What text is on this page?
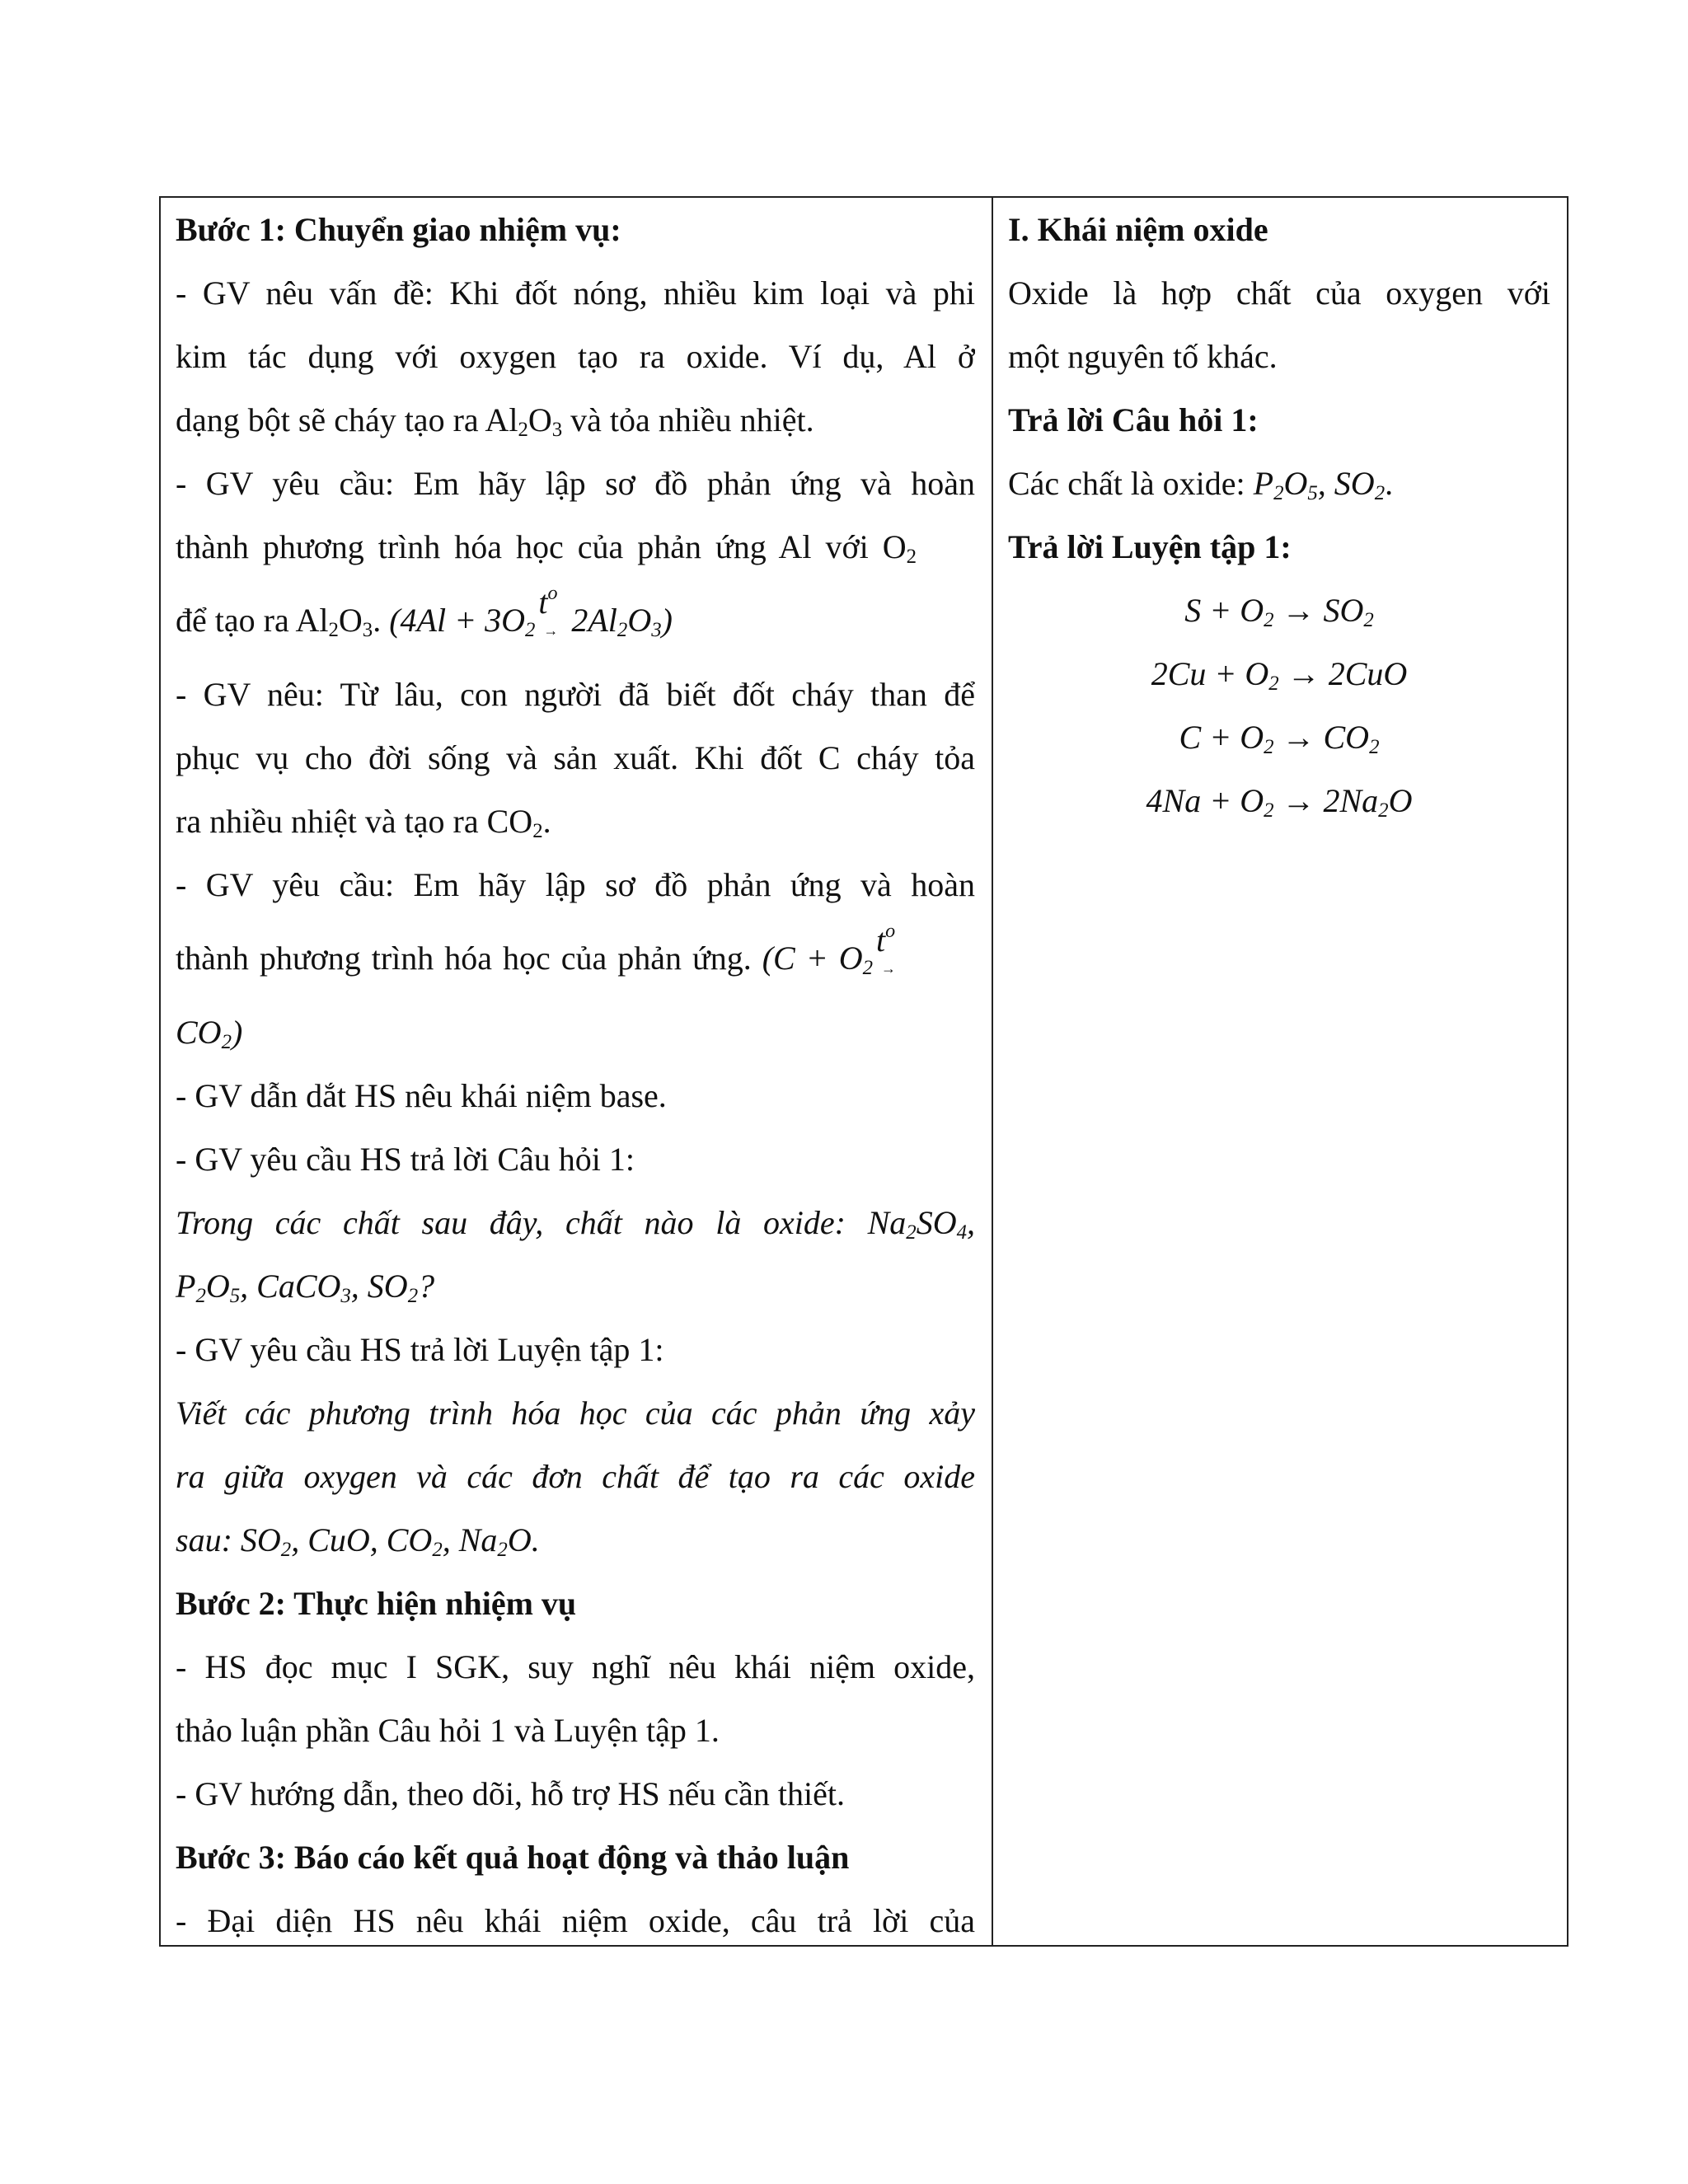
Bước 1: Chuyển giao nhiệm vụ:
- GV nêu vấn đề: Khi đốt nóng, nhiều kim loại và phi
kim tác dụng với oxygen tạo ra oxide. Ví dụ, Al ở
dạng bột sẽ cháy tạo ra $Al_2O_3$ và tỏa nhiều nhiệt.
- GV yêu cầu: Em hãy lập sơ đồ phản ứng và hoàn
thành phương trình hóa học của phản ứng Al với $O_2$
để tạo ra $Al_2O_3$. ($4Al + 3O_2$
$t^o$
→ $2Al_2O_3$)
- GV nêu: Từ lâu, con người đã biết đốt cháy than để
phục vụ cho đời sống và sản xuất. Khi đốt C cháy tỏa
ra nhiều nhiệt và tạo ra $CO_2$.
- GV yêu cầu: Em hãy lập sơ đồ phản ứng và hoàn
thành phương trình hóa học của phản ứng. ($C + O_2$
$t^o$
→
$CO_2$)
- GV dẫn dắt HS nêu khái niệm base.
- GV yêu cầu HS trả lời Câu hỏi 1:
Trong các chất sau đây, chất nào là oxide: $Na_2SO_4$,
$P_2O_5$, CaCO$_3$, $SO_2$?
- GV yêu cầu HS trả lời Luyện tập 1:
Viết các phương trình hóa học của các phản ứng xảy
ra giữa oxygen và các đơn chất để tạo ra các oxide
sau: $SO_2$, CuO, $CO_2$, $Na_2O$.
Bước 2: Thực hiện nhiệm vụ
- HS đọc mục I SGK, suy nghĩ nêu khái niệm oxide,
thảo luận phần Câu hỏi 1 và Luyện tập 1.
- GV hướng dẫn, theo dõi, hỗ trợ HS nếu cần thiết.
Bước 3: Báo cáo kết quả hoạt động và thảo luận
- Đại diện HS nêu khái niệm oxide, câu trả lời của
I. Khái niệm oxide
Oxide là hợp chất của oxygen với
một nguyên tố khác.
Trả lời Câu hỏi 1:
Các chất là oxide: $P_2O_5$, $SO_2$.
Trả lời Luyện tập 1:
$S + O_2 \to SO_2$
$2Cu + O_2 \to 2CuO$
$C + O_2 \to CO_2$
$4Na + O_2 \to 2Na_2O$
